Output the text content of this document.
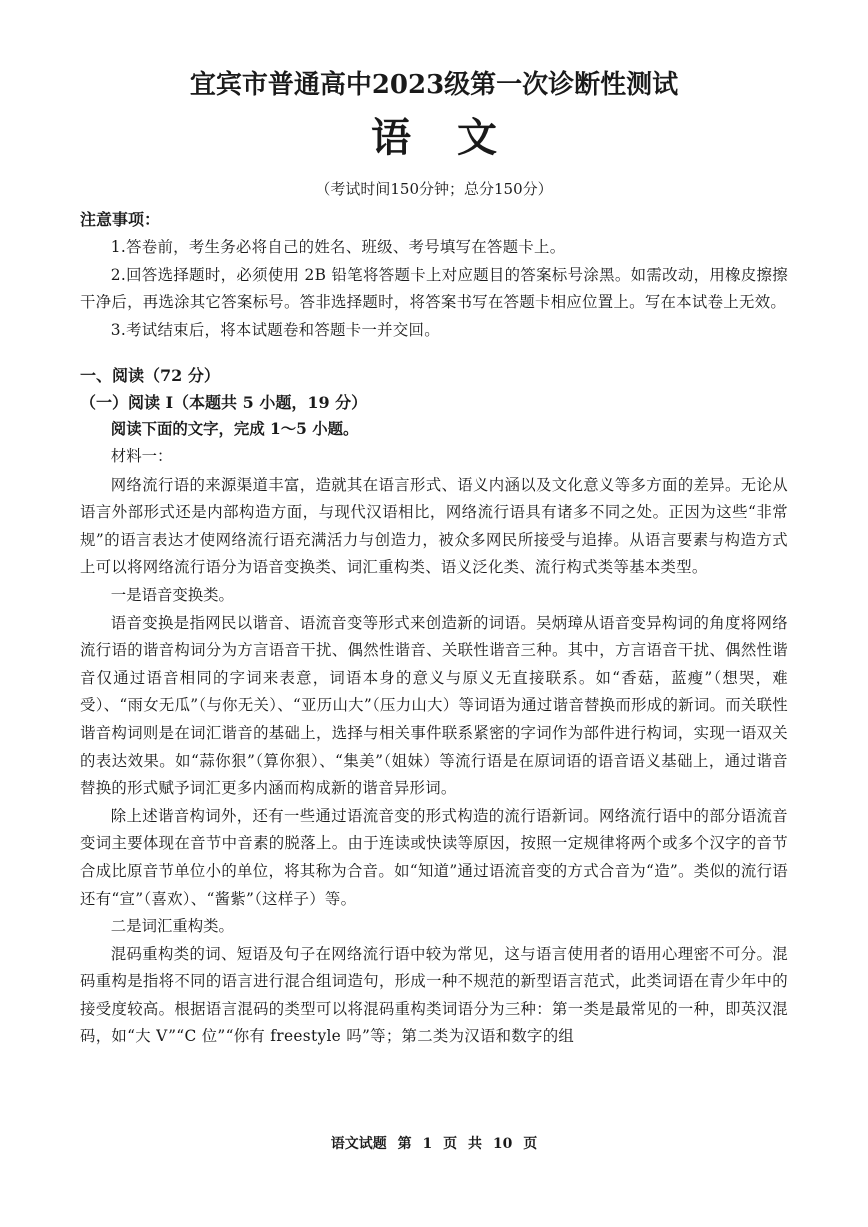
宜宾市普通高中2023级第一次诊断性测试
语文
（考试时间150分钟；总分150分）
注意事项：

1.答卷前，考生务必将自己的姓名、班级、考号填写在答题卡上。

2.回答选择题时，必须使用 2B 铅笔将答题卡上对应题目的答案标号涂黑。如需改动，用橡皮擦擦干净后，再选涂其它答案标号。答非选择题时，将答案书写在答题卡相应位置上。写在本试卷上无效。

3.考试结束后，将本试题卷和答题卡一并交回。

一、阅读（72 分）
（一）阅读 I（本题共 5 小题，19 分）
阅读下面的文字，完成 1～5 小题。
材料一：

网络流行语的来源渠道丰富，造就其在语言形式、语义内涵以及文化意义等多方面的差异。无论从语言外部形式还是内部构造方面，与现代汉语相比，网络流行语具有诸多不同之处。正因为这些“非常规”的语言表达才使网络流行语充满活力与创造力，被众多网民所接受与追捧。从语言要素与构造方式上可以将网络流行语分为语音变换类、词汇重构类、语义泛化类、流行构式类等基本类型。

一是语音变换类。

语音变换是指网民以谐音、语流音变等形式来创造新的词语。吴炳璋从语音变异构词的角度将网络流行语的谐音构词分为方言语音干扰、偶然性谐音、关联性谐音三种。其中，方言语音干扰、偶然性谐音仅通过语音相同的字词来表意，词语本身的意义与原义无直接联系。如“香菇，蓝瘦”（想哭，难受）、“雨女无瓜”（与你无关）、“亚历山大”（压力山大）等词语为通过谐音替换而形成的新词。而关联性谐音构词则是在词汇谐音的基础上，选择与相关事件联系紧密的字词作为部件进行构词，实现一语双关的表达效果。如“蒜你狠”（算你狠）、“集美”（姐妹）等流行语是在原词语的语音语义基础上，通过谐音替换的形式赋予词汇更多内涵而构成新的谐音异形词。

除上述谐音构词外，还有一些通过语流音变的形式构造的流行语新词。网络流行语中的部分语流音变词主要体现在音节中音素的脱落上。由于连读或快读等原因，按照一定规律将两个或多个汉字的音节合成比原音节单位小的单位，将其称为合音。如“知道”通过语流音变的方式合音为“造”。类似的流行语还有“宣”（喜欢）、“酱紫”（这样子）等。

二是词汇重构类。

混码重构类的词、短语及句子在网络流行语中较为常见，这与语言使用者的语用心理密不可分。混码重构是指将不同的语言进行混合组词造句，形成一种不规范的新型语言范式，此类词语在青少年中的接受度较高。根据语言混码的类型可以将混码重构类词语分为三种：第一类是最常见的一种，即英汉混码，如“大 V”“C 位”“你有 freestyle 吗”等；第二类为汉语和数字的组

语文试题 第 1 页 共 10 页
